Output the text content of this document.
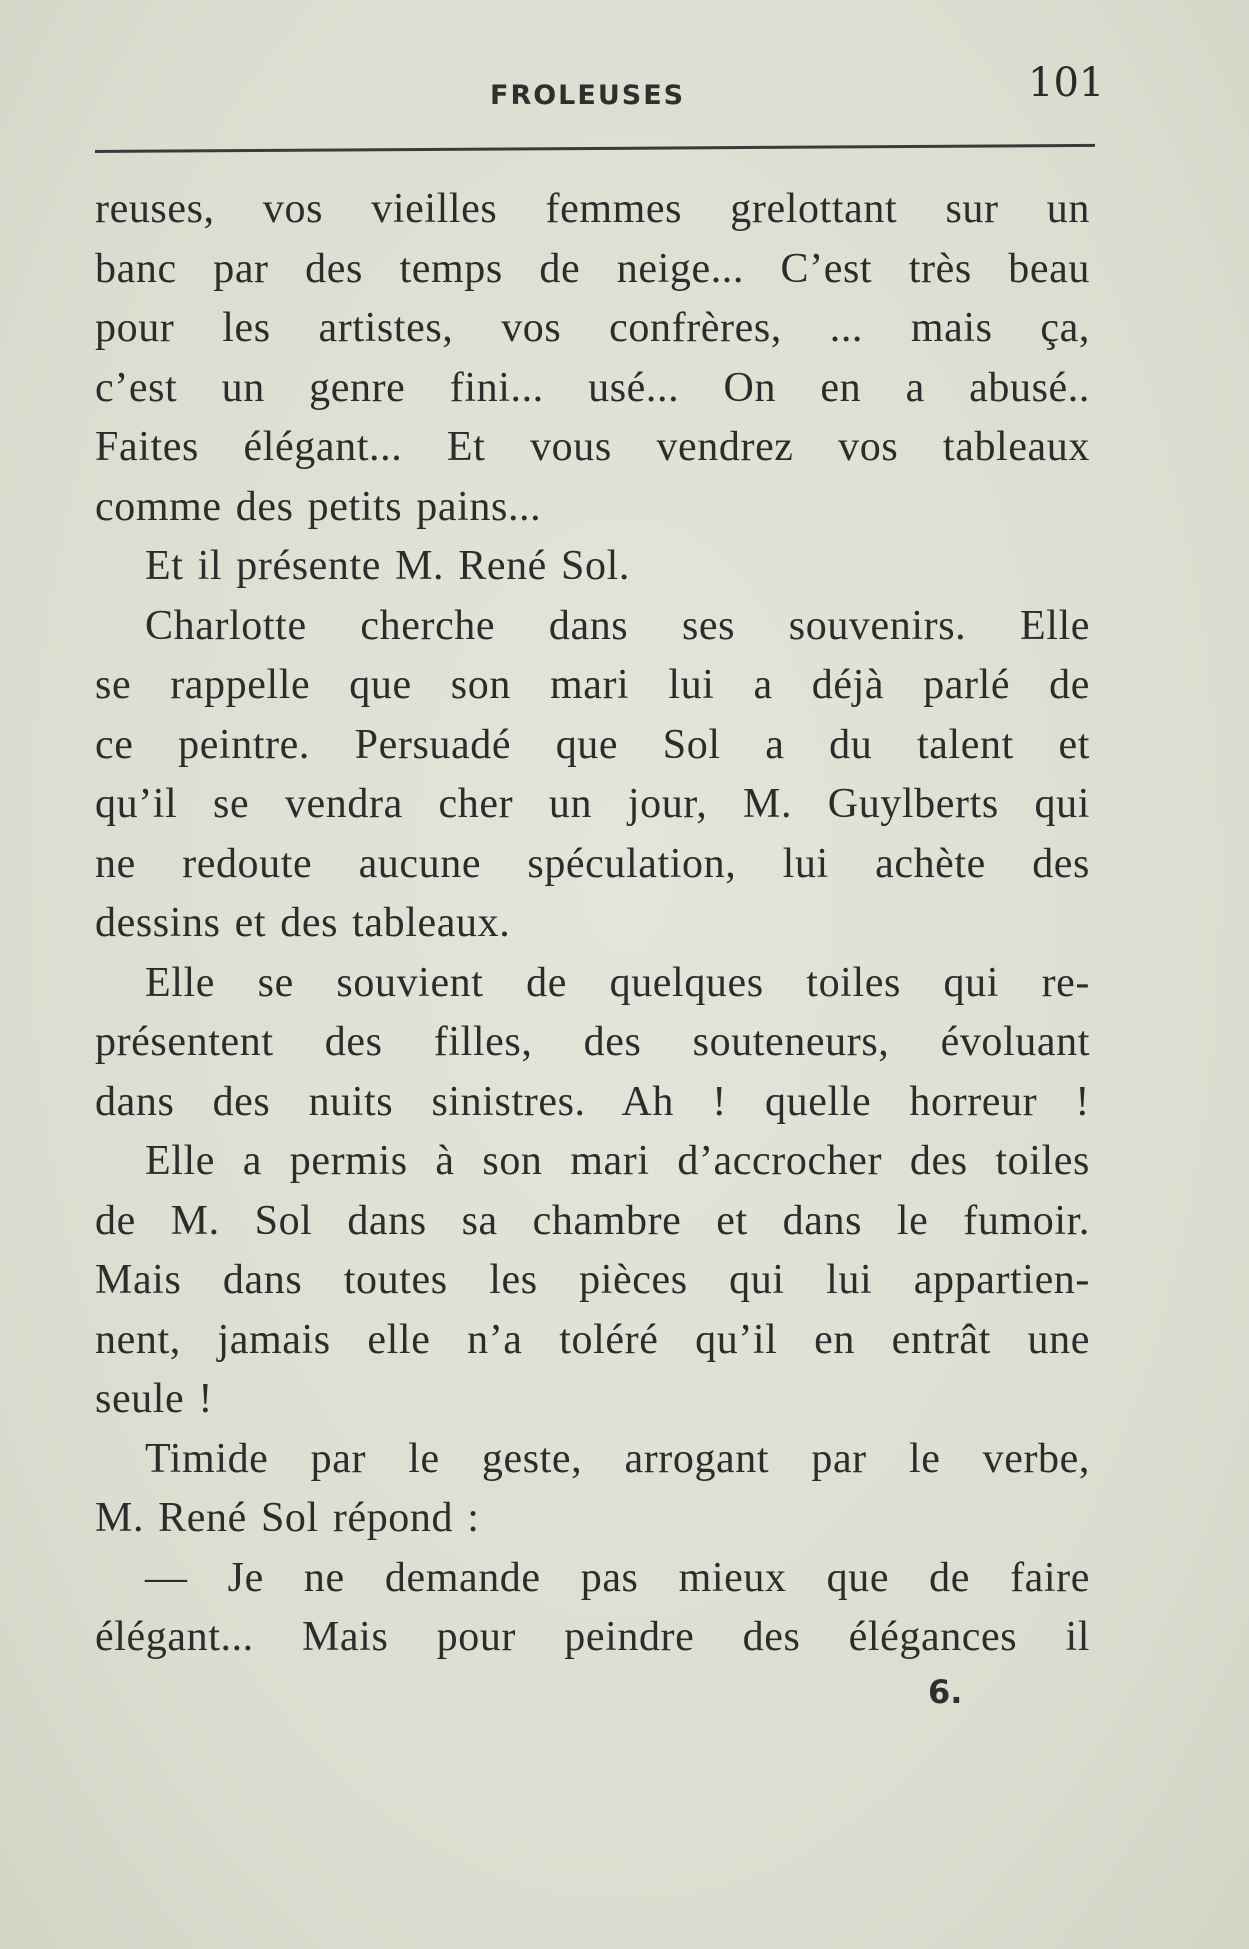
FROLEUSES	101
reuses, vos vieilles femmes grelottant sur un
banc par des temps de neige... C’est très beau
pour les artistes, vos confrères, ... mais ça,
c’est un genre fini... usé... On en a abusé..
Faites élégant... Et vous vendrez vos tableaux
comme des petits pains...
Et il présente M. René Sol.
Charlotte cherche dans ses souvenirs. Elle
se rappelle que son mari lui a déjà parlé de
ce peintre. Persuadé que Sol a du talent et
qu’il se vendra cher un jour, M. Guylberts qui
ne redoute aucune spéculation, lui achète des
dessins et des tableaux.
Elle se souvient de quelques toiles qui re-
présentent des filles, des souteneurs, évoluant
dans des nuits sinistres. Ah ! quelle horreur !
Elle a permis à son mari d’accrocher des toiles
de M. Sol dans sa chambre et dans le fumoir.
Mais dans toutes les pièces qui lui appartien-
nent, jamais elle n’a toléré qu’il en entrât une
seule !
Timide par le geste, arrogant par le verbe,
M. René Sol répond :
— Je ne demande pas mieux que de faire
élégant... Mais pour peindre des élégances il
6.
